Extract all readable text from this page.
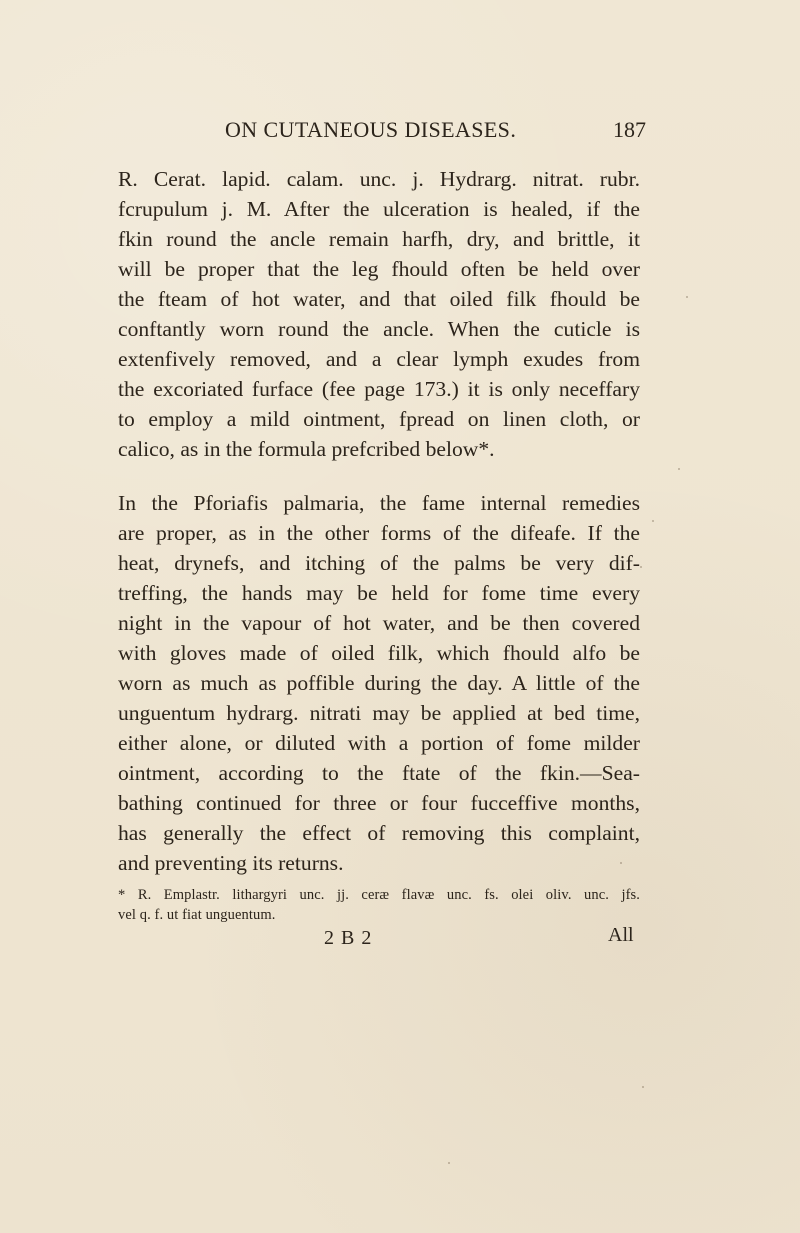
ON CUTANEOUS DISEASES.	187
R. Cerat. lapid. calam. unc. j. Hydrarg. nitrat. rubr.
fcrupulum j. M. After the ulceration is healed, if the
fkin round the ancle remain harfh, dry, and brittle, it
will be proper that the leg fhould often be held over
the fteam of hot water, and that oiled filk fhould be
conftantly worn round the ancle. When the cuticle is
extenfively removed, and a clear lymph exudes from
the excoriated furface (fee page 173.) it is only neceffary
to employ a mild ointment, fpread on linen cloth, or
calico, as in the formula prefcribed below*.
In the Pforiafis palmaria, the fame internal remedies
are proper, as in the other forms of the difeafe. If the
heat, drynefs, and itching of the palms be very dif-
treffing, the hands may be held for fome time every
night in the vapour of hot water, and be then covered
with gloves made of oiled filk, which fhould alfo be
worn as much as poffible during the day. A little of the
unguentum hydrarg. nitrati may be applied at bed time,
either alone, or diluted with a portion of fome milder
ointment, according to the ftate of the fkin.—Sea-
bathing continued for three or four fucceffive months,
has generally the effect of removing this complaint,
and preventing its returns.
* R. Emplastr. lithargyri unc. jj. ceræ flavæ unc. fs. olei oliv. unc. jfs.
vel q. f. ut fiat unguentum.
2 B 2	All
